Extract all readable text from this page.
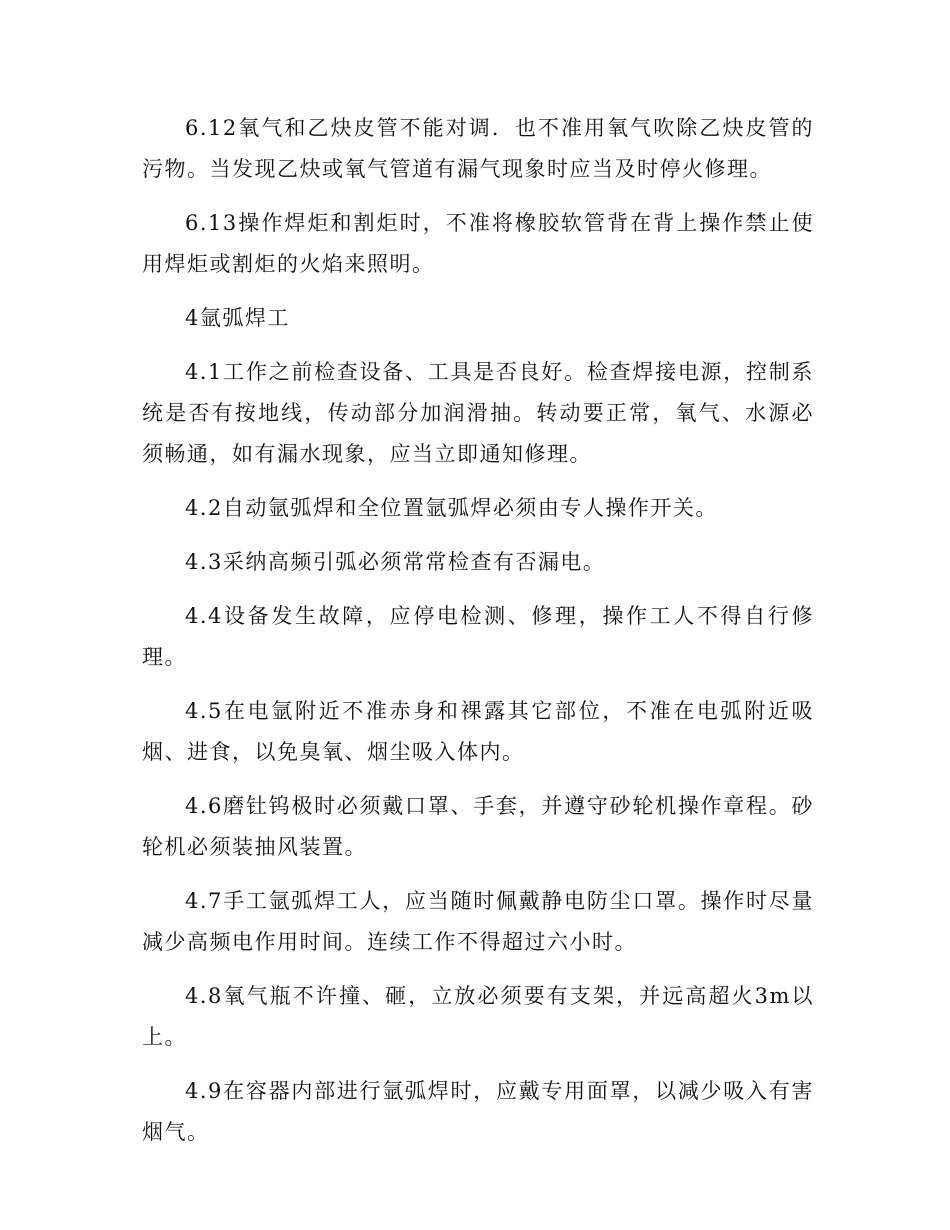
6.12氧气和乙炔皮管不能对调．也不准用氧气吹除乙炔皮管的污物。当发现乙炔或氧气管道有漏气现象时应当及时停火修理。

6.13操作焊炬和割炬时，不准将橡胶软管背在背上操作禁止使用焊炬或割炬的火焰来照明。

4氩弧焊工

4.1工作之前检查设备、工具是否良好。检查焊接电源，控制系统是否有按地线，传动部分加润滑抽。转动要正常，氧气、水源必须畅通，如有漏水现象，应当立即通知修理。

4.2自动氩弧焊和全位置氩弧焊必须由专人操作开关。

4.3采纳高频引弧必须常常检查有否漏电。

4.4设备发生故障，应停电检测、修理，操作工人不得自行修理。

4.5在电氩附近不准赤身和裸露其它部位，不准在电弧附近吸烟、进食，以免臭氧、烟尘吸入体内。

4.6磨钍钨极时必须戴口罩、手套，并遵守砂轮机操作章程。砂轮机必须装抽风装置。

4.7手工氩弧焊工人，应当随时佩戴静电防尘口罩。操作时尽量减少高频电作用时间。连续工作不得超过六小时。

4.8氧气瓶不许撞、砸，立放必须要有支架，并远高超火3m以上。

4.9在容器内部进行氩弧焊时，应戴专用面罩，以减少吸入有害烟气。
